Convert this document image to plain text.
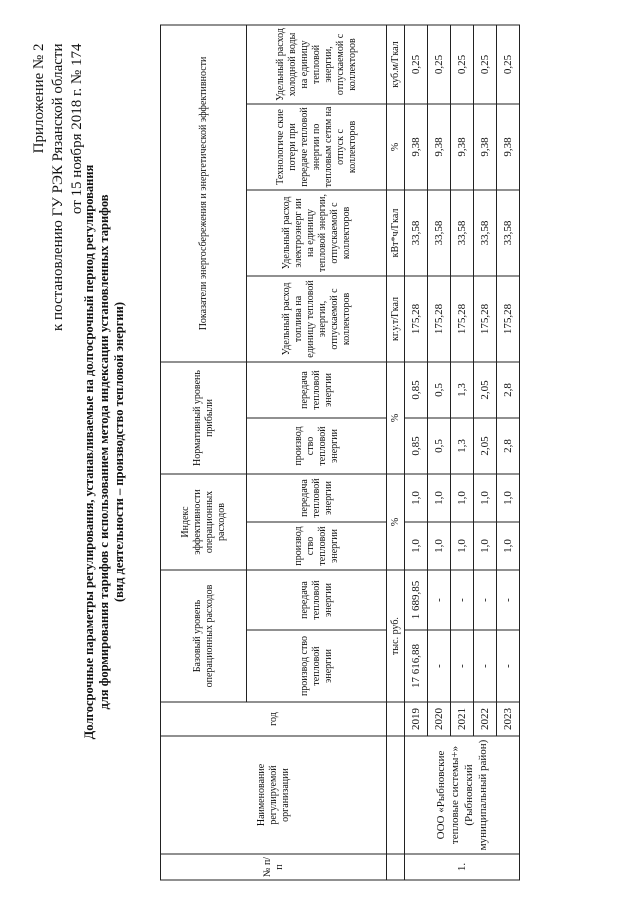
Приложение № 2 к постановлению ГУ РЭК Рязанской области от 15 ноября 2018 г. № 174
Долгосрочные параметры регулирования, устанавливаемые на долгосрочный период регулирования для формирования тарифов с использованием метода индексации установленных тарифов (вид деятельности – производство тепловой энергии)
№ п/п	Наименование регулируемой организации	год	Базовый уровень операционных расходов		Индекс эффективности операционных расходов		Нормативный уровень прибыли		Показатели энергосбережения и энергетической эффективности			
			производ ство тепловой энергии	передача тепловой энергии	производ ство тепловой энергии	передача тепловой энергии	производ ство тепловой энергии	передача тепловой энергии	Удельный расход топлива на единицу тепловой энергии, отпускаемой с коллекторов	Удельный расход электроэнерг ии на единицу тепловой энергии, отпускаемой с коллекторов	Технологиче ские потери при передаче тепловой энергии по тепловым сетям на отпуск с коллекторов	Удельный расход холодной воды на единицу тепловой энергии, отпускаемой с коллекторов
			тыс. руб.		%		%		кг.у.т/Гкал	кВт*ч/Гкал	%	куб.м/Гкал
1.	ООО «Рыбновские тепловые системы+» (Рыбновский муниципальный район)	2019	17 616,88	1 689,85	1,0	1,0	0,85	0,85	175,28	33,58	9,38	0,25
		2020	-	-	1,0	1,0	0,5	0,5	175,28	33,58	9,38	0,25
		2021	-	-	1,0	1,0	1,3	1,3	175,28	33,58	9,38	0,25
		2022	-	-	1,0	1,0	2,05	2,05	175,28	33,58	9,38	0,25
		2023	-	-	1,0	1,0	2,8	2,8	175,28	33,58	9,38	0,25
